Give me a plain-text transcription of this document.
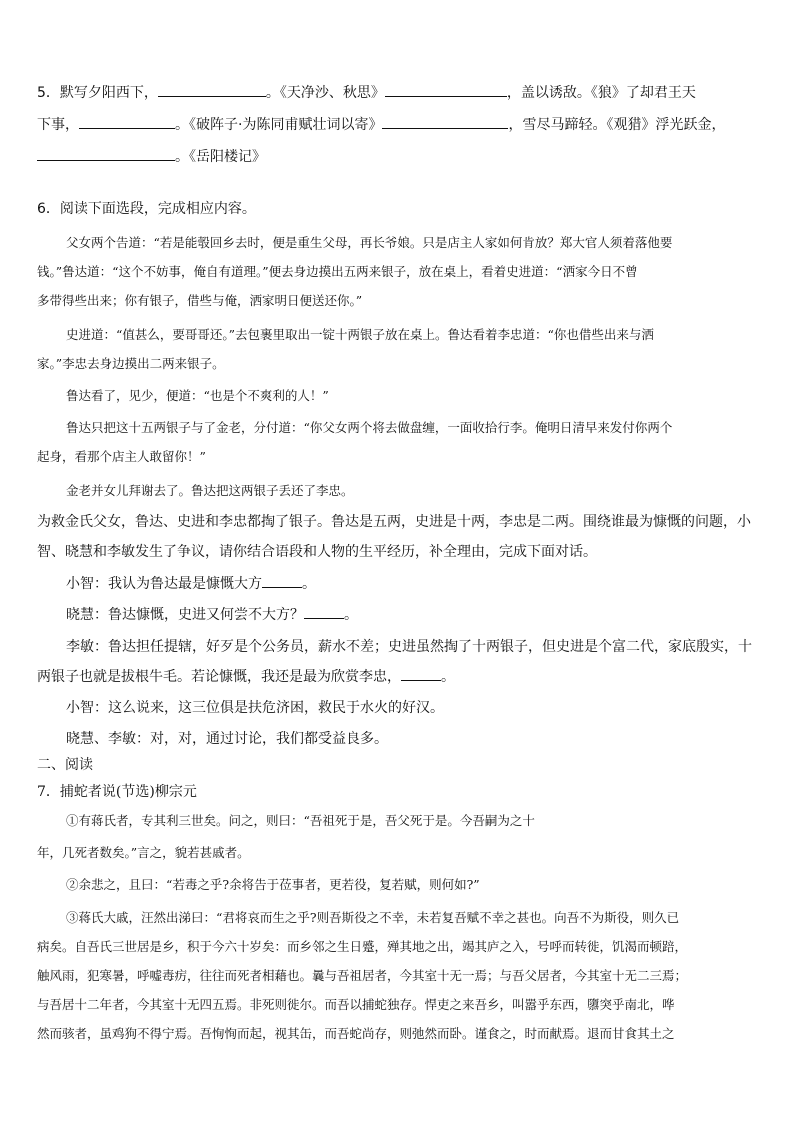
5．默写夕阳西下，	。《天净沙、秋思》	，盖以诱敌。《狼》了却君王天
下事，	。《破阵子·为陈同甫赋壮词以寄》	，雪尽马蹄轻。《观猎》浮光跃金，
。《岳阳楼记》
6．阅读下面选段，完成相应内容。
父女两个告道：“若是能彀回乡去时，便是重生父母，再长爷娘。只是店主人家如何肯放？郑大官人须着落他要
钱。”鲁达道：“这个不妨事，俺自有道理。”便去身边摸出五两来银子，放在桌上，看着史进道：“洒家今日不曾
多带得些出来；你有银子，借些与俺，洒家明日便送还你。”
史进道：“值甚么，要哥哥还。”去包裹里取出一锭十两银子放在桌上。鲁达看着李忠道：“你也借些出来与洒
家。”李忠去身边摸出二两来银子。
鲁达看了，见少，便道：“也是个不爽利的人！”
鲁达只把这十五两银子与了金老，分付道：“你父女两个将去做盘缠，一面收拾行李。俺明日清早来发付你两个
起身，看那个店主人敢留你！”
金老并女儿拜谢去了。鲁达把这两银子丢还了李忠。
为救金氏父女，鲁达、史进和李忠都掏了银子。鲁达是五两，史进是十两，李忠是二两。围绕谁最为慷慨的问题，小
智、晓慧和李敏发生了争议，请你结合语段和人物的生平经历，补全理由，完成下面对话。
小智：我认为鲁达最是慷慨大方	。
晓慧：鲁达慷慨，史进又何尝不大方？	。
李敏：鲁达担任提辖，好歹是个公务员，薪水不差；史进虽然掏了十两银子，但史进是个富二代，家底殷实，十
两银子也就是拔根牛毛。若论慷慨，我还是最为欣赏李忠，	。
小智：这么说来，这三位俱是扶危济困，救民于水火的好汉。
晓慧、李敏：对，对，通过讨论，我们都受益良多。
二、阅读
7．捕蛇者说(节选)柳宗元
①有蒋氏者，专其利三世矣。问之，则曰：“吾祖死于是，吾父死于是。今吾嗣为之十
年，几死者数矣。”言之，貌若甚戚者。
②余悲之，且曰：“若毒之乎?余将告于莅事者，更若役，复若赋，则何如?”
③蒋氏大戚，汪然出涕曰：“君将哀而生之乎?则吾斯役之不幸，未若复吾赋不幸之甚也。向吾不为斯役，则久已
病矣。自吾氏三世居是乡，积于今六十岁矣：而乡邻之生日蹙，殚其地之出，竭其庐之入，号呼而转徙，饥渴而顿踣，
触风雨，犯寒暑，呼嘘毒疠，往往而死者相藉也。曩与吾祖居者，今其室十无一焉；与吾父居者，今其室十无二三焉；
与吾居十二年者，今其室十无四五焉。非死则徙尔。而吾以捕蛇独存。悍吏之来吾乡，叫嚣乎东西，隳突乎南北，哗
然而骇者，虽鸡狗不得宁焉。吾恂恂而起，视其缶，而吾蛇尚存，则弛然而卧。谨食之，时而献焉。退而甘食其土之
